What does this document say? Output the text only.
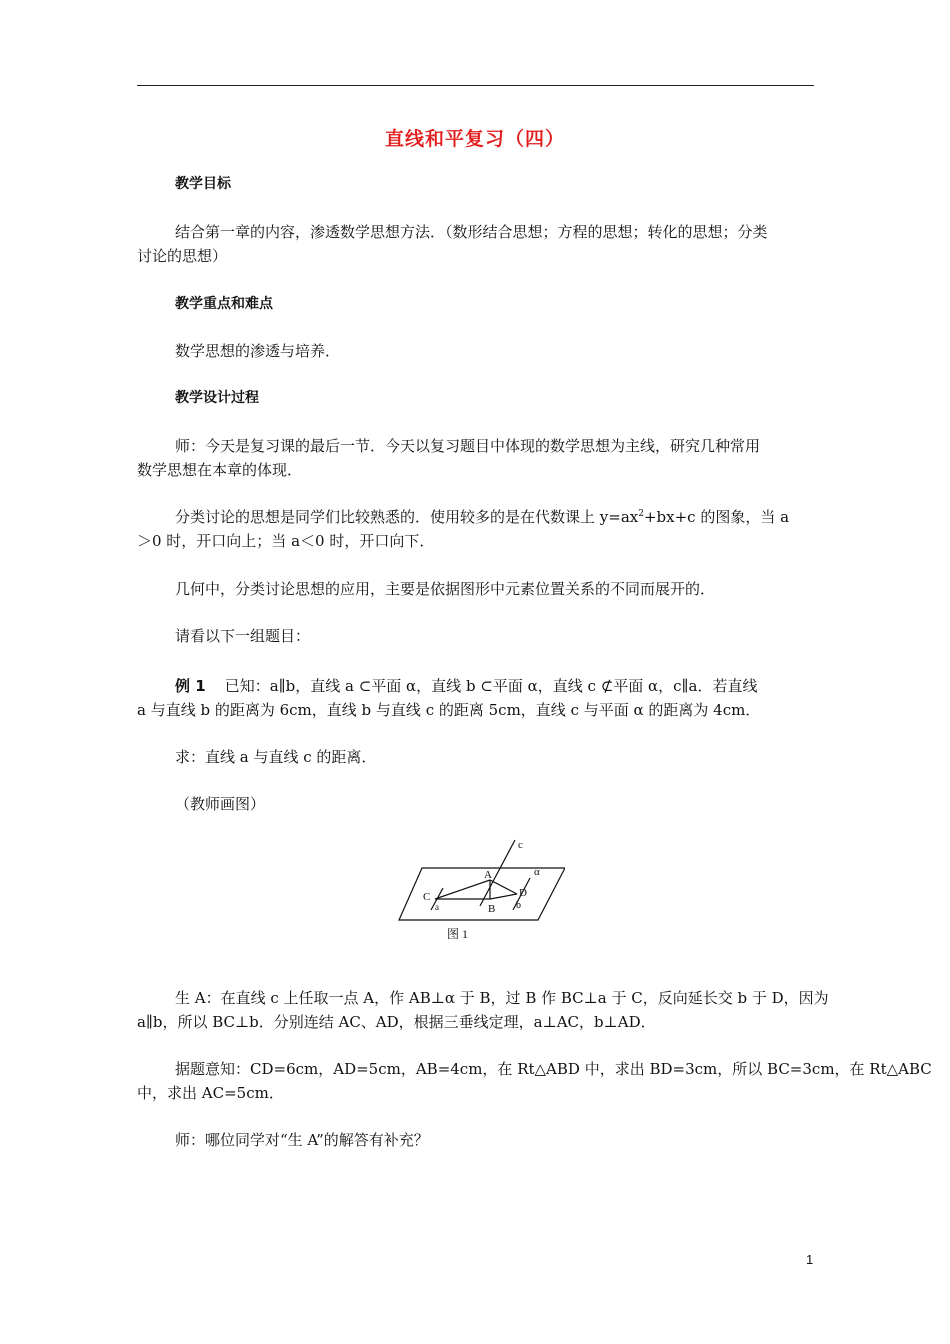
直线和平复习（四）
教学目标
结合第一章的内容，渗透数学思想方法．（数形结合思想；方程的思想；转化的思想；分类
讨论的思想）
教学重点和难点
数学思想的渗透与培养．
教学设计过程
师：今天是复习课的最后一节．今天以复习题目中体现的数学思想为主线，研究几种常用
数学思想在本章的体现．
分类讨论的思想是同学们比较熟悉的．使用较多的是在代数课上 $y=ax^2+bx+c$ 的图象，当 a
＞0 时，开口向上；当 a＜0 时，开口向下．
几何中，分类讨论思想的应用，主要是依据图形中元素位置关系的不同而展开的．
请看以下一组题目：
例 1 已知：a∥b，直线 a ⊂平面 α，直线 b ⊂平面 α，直线 c ⊄平面 α，c∥a．若直线
a 与直线 b 的距离为 6cm，直线 b 与直线 c 的距离 5cm，直线 c 与平面 α 的距离为 4cm．
求：直线 a 与直线 c 的距离．
（教师画图）
c
α
A
C
a
D
B b
图 1
生 A：在直线 c 上任取一点 A，作 AB⊥α 于 B，过 B 作 BC⊥a 于 C，反向延长交 b 于 D，因为
a∥b，所以 BC⊥b．分别连结 AC、AD，根据三垂线定理，a⊥AC，b⊥AD．
据题意知：CD=6cm，AD=5cm，AB=4cm，在 Rt△ABD 中，求出 BD=3cm，所以 BC=3cm，在 Rt△ABC
中，求出 AC=5cm．
师：哪位同学对“生 A”的解答有补充？
1
